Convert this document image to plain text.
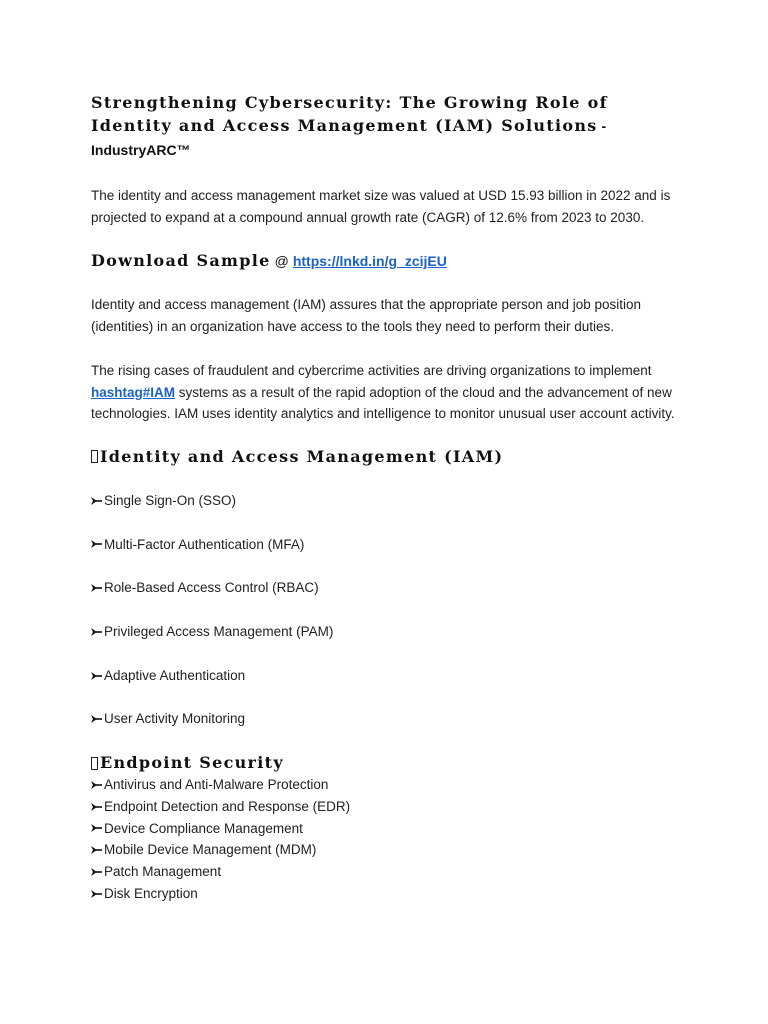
Strengthening Cybersecurity: The Growing Role of Identity and Access Management (IAM) Solutions - IndustryARC™

The identity and access management market size was valued at USD 15.93 billion in 2022 and is projected to expand at a compound annual growth rate (CAGR) of 12.6% from 2023 to 2030.

Download Sample @ https://lnkd.in/g_zcijEU

Identity and access management (IAM) assures that the appropriate person and job position (identities) in an organization have access to the tools they need to perform their duties.

The rising cases of fraudulent and cybercrime activities are driving organizations to implement hashtag#IAM systems as a result of the rapid adoption of the cloud and the advancement of new technologies. IAM uses identity analytics and intelligence to monitor unusual user account activity.

Identity and Access Management (IAM)
Single Sign-On (SSO)
Multi-Factor Authentication (MFA)
Role-Based Access Control (RBAC)
Privileged Access Management (PAM)
Adaptive Authentication
User Activity Monitoring
Endpoint Security
Antivirus and Anti-Malware Protection
Endpoint Detection and Response (EDR)
Device Compliance Management
Mobile Device Management (MDM)
Patch Management
Disk Encryption
